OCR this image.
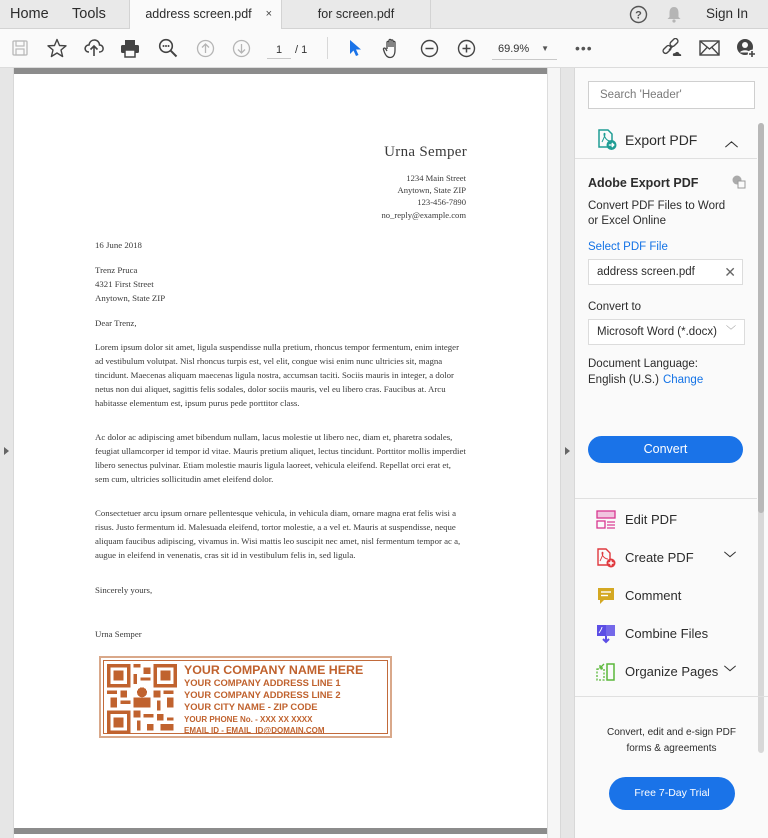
Home Tools	address screen.pdf ×	for screen.pdf	?	Sign In
1	/ 1	69.9% ▼ •••
Urna Semper
1234 Main Street
Anytown, State ZIP
123-456-7890
no_reply@example.com
16 June 2018
Trenz Pruca
4321 First Street
Anytown, State ZIP
Dear Trenz,
Lorem ipsum dolor sit amet, ligula suspendisse nulla pretium, rhoncus tempor fermentum, enim integer ad vestibulum volutpat. Nisl rhoncus turpis est, vel elit, congue wisi enim nunc ultricies sit, magna tincidunt. Maecenas aliquam maecenas ligula nostra, accumsan taciti. Sociis mauris in integer, a dolor netus non dui aliquet, sagittis felis sodales, dolor sociis mauris, vel eu libero cras. Faucibus at. Arcu habitasse elementum est, ipsum purus pede porttitor class.
Ac dolor ac adipiscing amet bibendum nullam, lacus molestie ut libero nec, diam et, pharetra sodales, feugiat ullamcorper id tempor id vitae. Mauris pretium aliquet, lectus tincidunt. Porttitor mollis imperdiet libero senectus pulvinar. Etiam molestie mauris ligula laoreet, vehicula eleifend. Repellat orci erat et, sem cum, ultricies sollicitudin amet eleifend dolor.
Consectetuer arcu ipsum ornare pellentesque vehicula, in vehicula diam, ornare magna erat felis wisi a risus. Justo fermentum id. Malesuada eleifend, tortor molestie, a a vel et. Mauris at suspendisse, neque aliquam faucibus adipiscing, vivamus in. Wisi mattis leo suscipit nec amet, nisl fermentum tempor ac a, augue in eleifend in venenatis, cras sit id in vestibulum felis in, sed ligula.
Sincerely yours,
Urna Semper
YOUR COMPANY NAME HERE
YOUR COMPANY ADDRESS LINE 1
YOUR COMPANY ADDRESS LINE 2
YOUR CITY NAME - ZIP CODE
YOUR PHONE No. - XXX XX XXXX
EMAIL ID - EMAIL_ID@DOMAIN.COM
Search 'Header'
Export PDF ︿
Adobe Export PDF
Convert PDF Files to Word or Excel Online
Select PDF File
address screen.pdf ✕
Convert to
Microsoft Word (*.docx) ﹀
Document Language:
English (U.S.) Change
Convert
Edit PDF
Create PDF	﹀
Comment
Combine Files
Organize Pages ﹀
Convert, edit and e-sign PDF forms & agreements
Free 7-Day Trial
